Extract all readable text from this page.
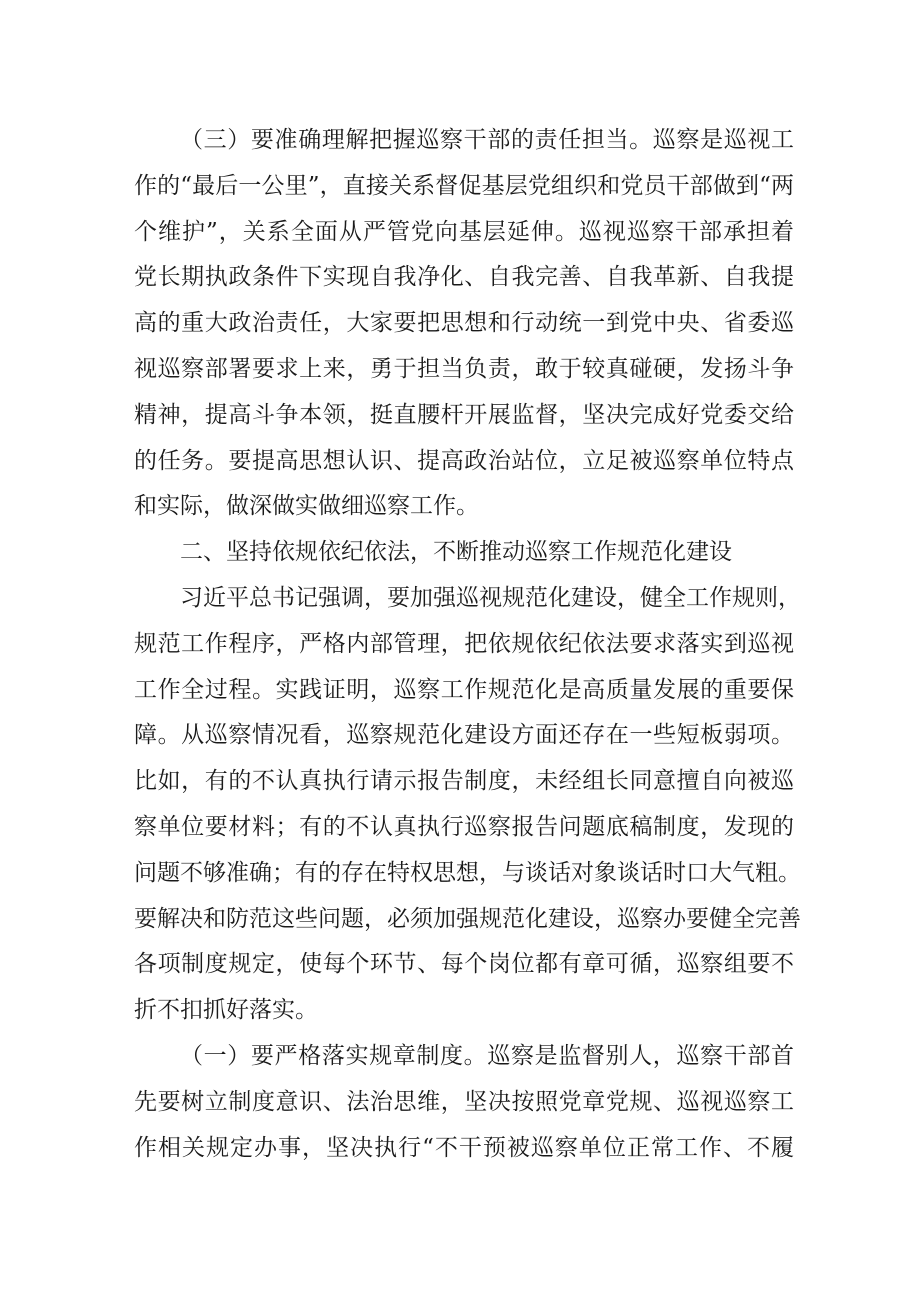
（三）要准确理解把握巡察干部的责任担当。巡察是巡视工
作的“最后一公里”，直接关系督促基层党组织和党员干部做到“两
个维护”，关系全面从严管党向基层延伸。巡视巡察干部承担着
党长期执政条件下实现自我净化、自我完善、自我革新、自我提
高的重大政治责任，大家要把思想和行动统一到党中央、省委巡
视巡察部署要求上来，勇于担当负责，敢于较真碰硬，发扬斗争
精神，提高斗争本领，挺直腰杆开展监督，坚决完成好党委交给
的任务。要提高思想认识、提高政治站位，立足被巡察单位特点
和实际，做深做实做细巡察工作。
二、坚持依规依纪依法，不断推动巡察工作规范化建设
习近平总书记强调，要加强巡视规范化建设，健全工作规则，
规范工作程序，严格内部管理，把依规依纪依法要求落实到巡视
工作全过程。实践证明，巡察工作规范化是高质量发展的重要保
障。从巡察情况看，巡察规范化建设方面还存在一些短板弱项。
比如，有的不认真执行请示报告制度，未经组长同意擅自向被巡
察单位要材料；有的不认真执行巡察报告问题底稿制度，发现的
问题不够准确；有的存在特权思想，与谈话对象谈话时口大气粗。
要解决和防范这些问题，必须加强规范化建设，巡察办要健全完善
各项制度规定，使每个环节、每个岗位都有章可循，巡察组要不
折不扣抓好落实。
（一）要严格落实规章制度。巡察是监督别人，巡察干部首
先要树立制度意识、法治思维，坚决按照党章党规、巡视巡察工
作相关规定办事，坚决执行“不干预被巡察单位正常工作、不履
